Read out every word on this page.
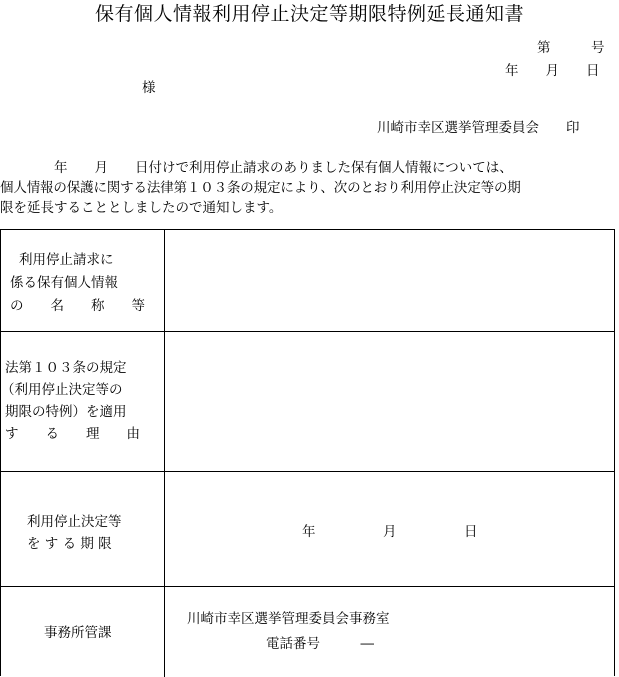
保有個人情報利用停止決定等期限特例延長通知書
第　　　号
年　　月　　日
様
川崎市幸区選挙管理委員会　　印
　　　　年　　月　　日付けで利用停止請求のありました保有個人情報については、
個人情報の保護に関する法律第１０３条の規定により、次のとおり利用停止決定等の期
限を延長することとしましたので通知します。
利用停止請求に
係る保有個人情報
の　　名　　称　　等
法第１０３条の規定
（利用停止決定等の
期限の特例）を適用
す　　る　　理　　由
利用停止決定等
を す る 期 限
年　　　　　月　　　　　日
事務所管課
川崎市幸区選挙管理委員会事務室
電話番号　　　―
